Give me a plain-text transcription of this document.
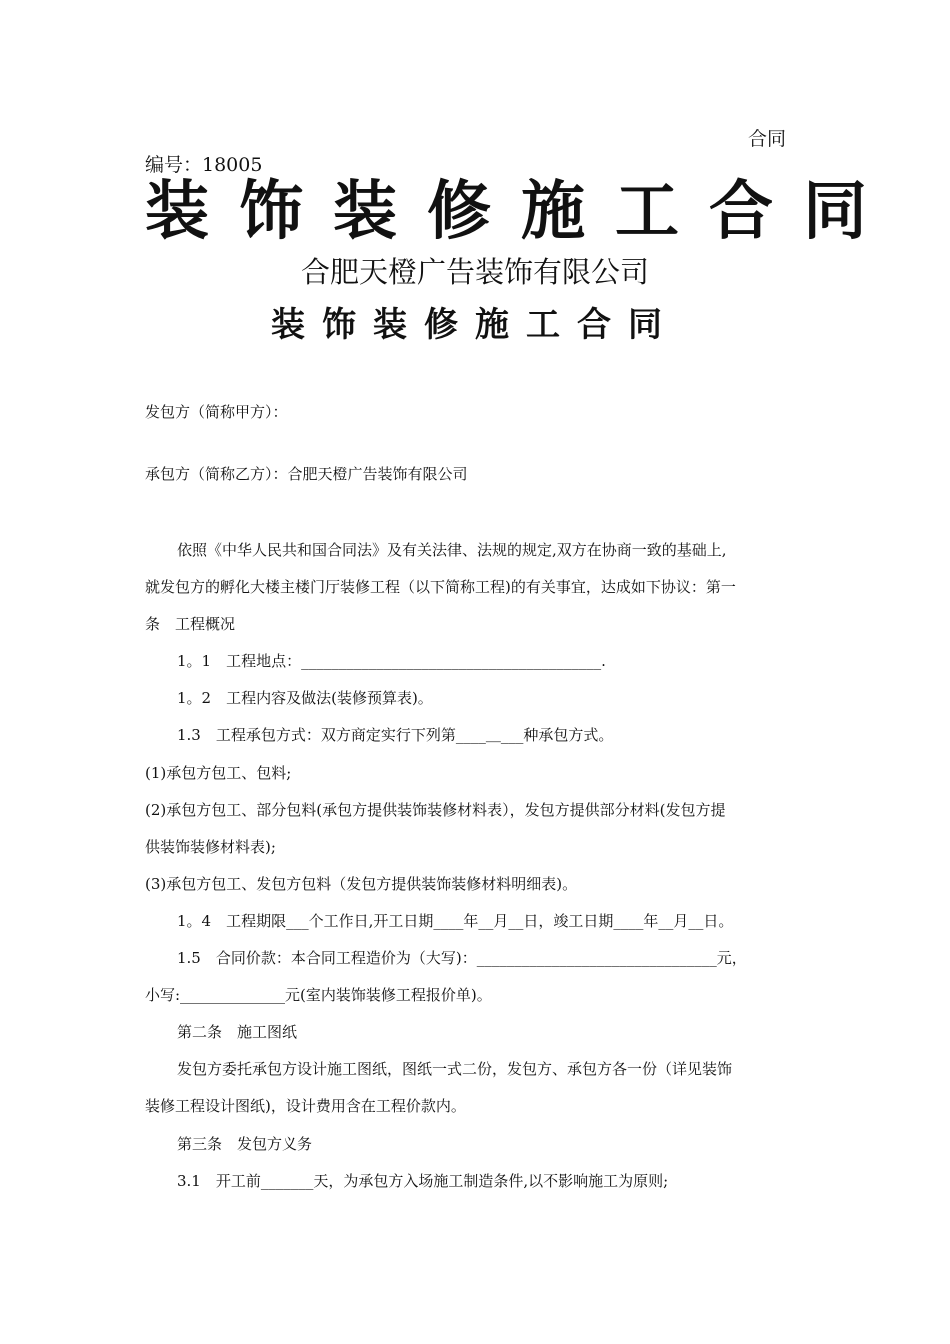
合同
编号：18005
装饰装修施工合同
合肥天橙广告装饰有限公司
装饰装修施工合同
发包方（简称甲方）：
承包方（简称乙方）：合肥天橙广告装饰有限公司

依照《中华人民共和国合同法》及有关法律、法规的规定,双方在协商一致的基础上,

就发包方的孵化大楼主楼门厅装修工程（以下简称工程)的有关事宜，达成如下协议：第一

条　工程概况

1。1　工程地点：________________________________________.

1。2　工程内容及做法(装修预算表)。

1.3　工程承包方式：双方商定实行下列第____＿___种承包方式。

(1)承包方包工、包料;

(2)承包方包工、部分包料(承包方提供装饰装修材料表），发包方提供部分材料(发包方提

供装饰装修材料表);

(3)承包方包工、发包方包料（发包方提供装饰装修材料明细表)。

1。4　工程期限___个工作日,开工日期____年__月__日，竣工日期____年__月__日。

1.5　合同价款：本合同工程造价为（大写)：________________________________元，

小写:______________元(室内装饰装修工程报价单)。

第二条　施工图纸

发包方委托承包方设计施工图纸，图纸一式二份，发包方、承包方各一份（详见装饰

装修工程设计图纸)，设计费用含在工程价款内。

第三条　发包方义务

3.1　开工前_______天，为承包方入场施工制造条件,以不影响施工为原则;
